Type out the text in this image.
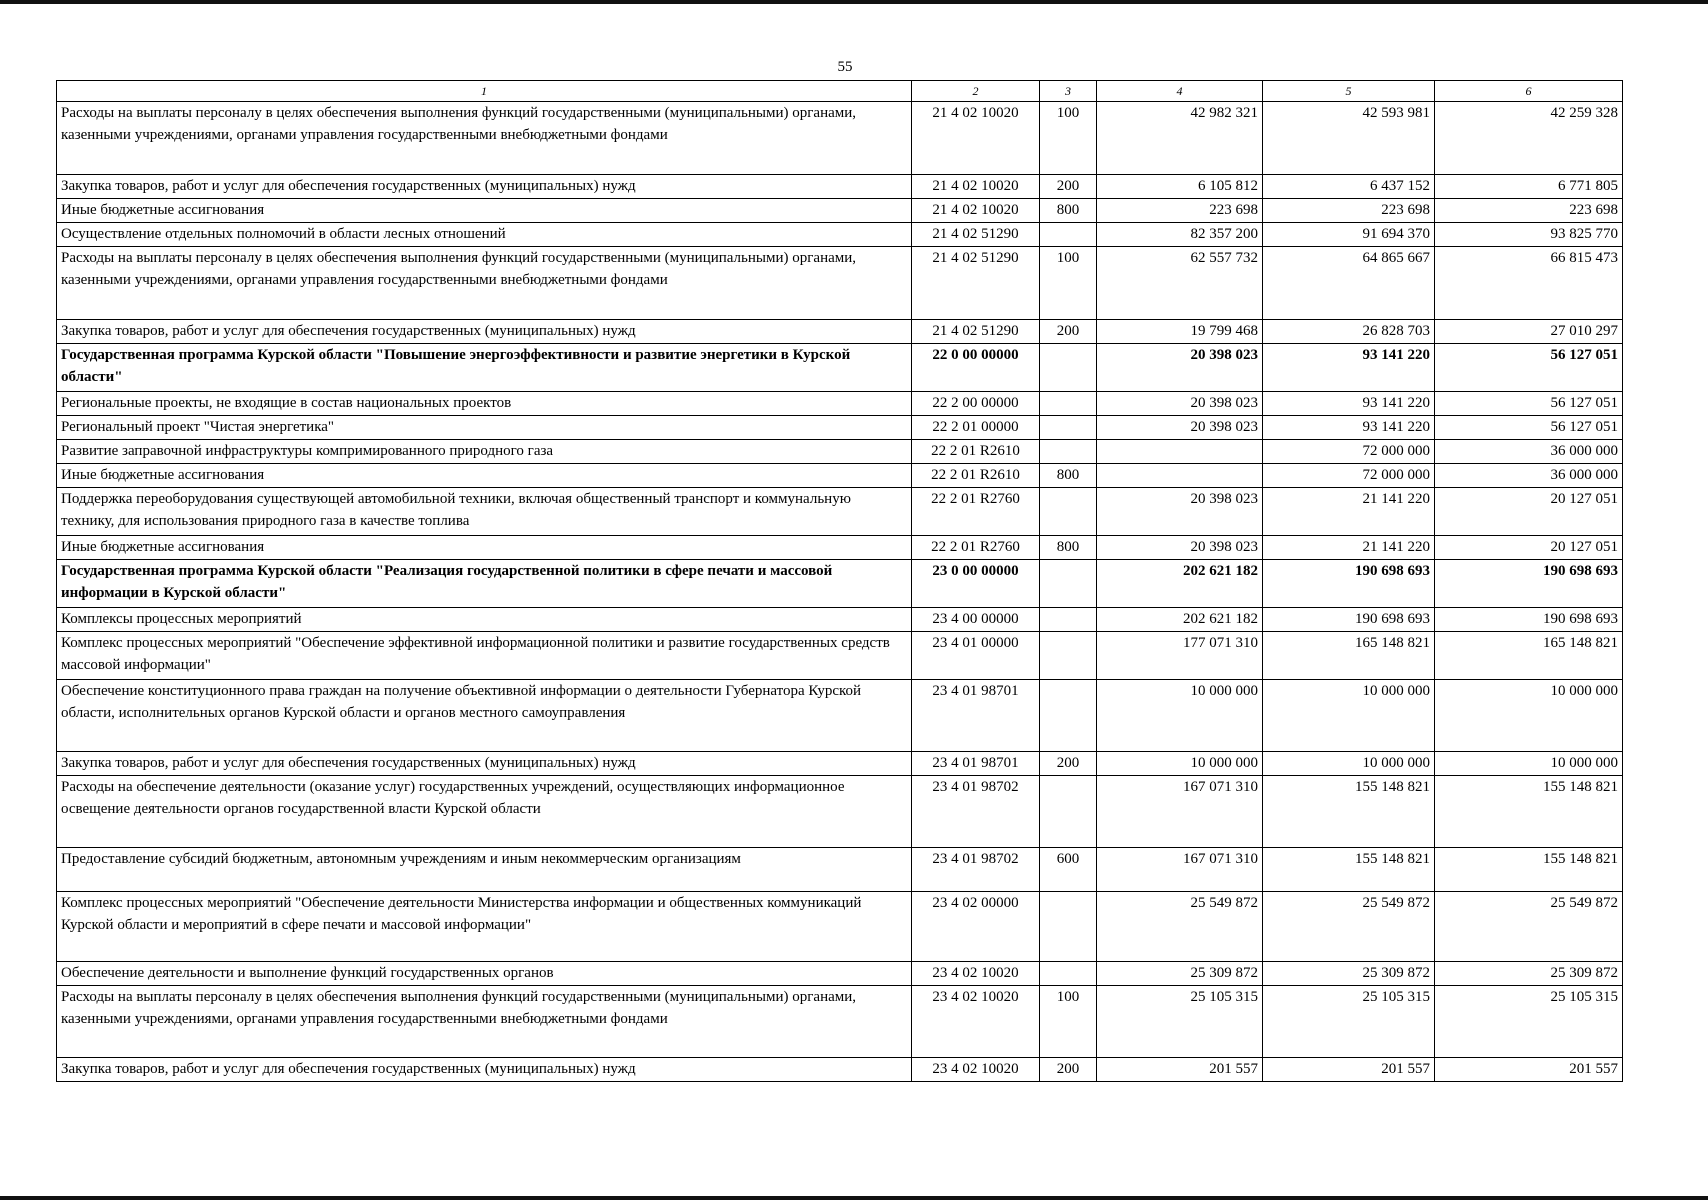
55
1	2	3	4	5	6
Расходы на выплаты персоналу в целях обеспечения выполнения функций государственными (муниципальными) органами, казенными учреждениями, органами управления государственными внебюджетными фондами	21 4 02 10020	100	42 982 321	42 593 981	42 259 328
Закупка товаров, работ и услуг для обеспечения государственных (муниципальных) нужд	21 4 02 10020	200	6 105 812	6 437 152	6 771 805
Иные бюджетные ассигнования	21 4 02 10020	800	223 698	223 698	223 698
Осуществление отдельных полномочий в области лесных отношений	21 4 02 51290		82 357 200	91 694 370	93 825 770
Расходы на выплаты персоналу в целях обеспечения выполнения функций государственными (муниципальными) органами, казенными учреждениями, органами управления государственными внебюджетными фондами	21 4 02 51290	100	62 557 732	64 865 667	66 815 473
Закупка товаров, работ и услуг для обеспечения государственных (муниципальных) нужд	21 4 02 51290	200	19 799 468	26 828 703	27 010 297
Государственная программа Курской области "Повышение энергоэффективности и развитие энергетики в Курской области"	22 0 00 00000		20 398 023	93 141 220	56 127 051
Региональные проекты, не входящие в состав национальных проектов	22 2 00 00000		20 398 023	93 141 220	56 127 051
Региональный проект "Чистая энергетика"	22 2 01 00000		20 398 023	93 141 220	56 127 051
Развитие заправочной инфраструктуры компримированного природного газа	22 2 01 R2610			72 000 000	36 000 000
Иные бюджетные ассигнования	22 2 01 R2610	800		72 000 000	36 000 000
Поддержка переоборудования существующей автомобильной техники, включая общественный транспорт и коммунальную технику, для использования природного газа в качестве топлива	22 2 01 R2760		20 398 023	21 141 220	20 127 051
Иные бюджетные ассигнования	22 2 01 R2760	800	20 398 023	21 141 220	20 127 051
Государственная программа Курской области "Реализация государственной политики в сфере печати и массовой информации в Курской области"	23 0 00 00000		202 621 182	190 698 693	190 698 693
Комплексы процессных мероприятий	23 4 00 00000		202 621 182	190 698 693	190 698 693
Комплекс процессных мероприятий "Обеспечение эффективной информационной политики и развитие государственных средств массовой информации"	23 4 01 00000		177 071 310	165 148 821	165 148 821
Обеспечение конституционного права граждан на получение объективной информации о деятельности Губернатора Курской области, исполнительных органов Курской области и органов местного самоуправления	23 4 01 98701		10 000 000	10 000 000	10 000 000
Закупка товаров, работ и услуг для обеспечения государственных (муниципальных) нужд	23 4 01 98701	200	10 000 000	10 000 000	10 000 000
Расходы на обеспечение деятельности (оказание услуг) государственных учреждений, осуществляющих информационное освещение деятельности органов государственной власти Курской области	23 4 01 98702		167 071 310	155 148 821	155 148 821
Предоставление субсидий бюджетным, автономным учреждениям и иным некоммерческим организациям	23 4 01 98702	600	167 071 310	155 148 821	155 148 821
Комплекс процессных мероприятий "Обеспечение деятельности Министерства информации и общественных коммуникаций Курской области и мероприятий в сфере печати и массовой информации"	23 4 02 00000		25 549 872	25 549 872	25 549 872
Обеспечение деятельности и выполнение функций государственных органов	23 4 02 10020		25 309 872	25 309 872	25 309 872
Расходы на выплаты персоналу в целях обеспечения выполнения функций государственными (муниципальными) органами, казенными учреждениями, органами управления государственными внебюджетными фондами	23 4 02 10020	100	25 105 315	25 105 315	25 105 315
Закупка товаров, работ и услуг для обеспечения государственных (муниципальных) нужд	23 4 02 10020	200	201 557	201 557	201 557
